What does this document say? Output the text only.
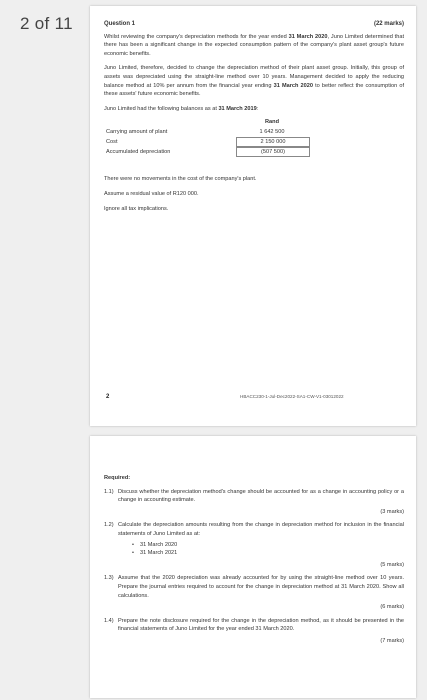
2 of 11	Question 1	(22 marks)

Whilst reviewing the company's depreciation methods for the year ended 31 March 2020, Juno Limited determined that there has been a significant change in the expected consumption pattern of the company's plant asset group's future economic benefits.

Juno Limited, therefore, decided to change the depreciation method of their plant asset group. Initially, this group of assets was depreciated using the straight-line method over 10 years. Management decided to apply the reducing balance method at 10% per annum from the financial year ending 31 March 2020 to better reflect the consumption of these assets' future economic benefits.

Juno Limited had the following balances as at 31 March 2019:

Rand
Carrying amount of plant	1 642 500
Cost	2 150 000
Accumulated depreciation	(507 500)

There were no movements in the cost of the company's plant.

Assume a residual value of R120 000.

Ignore all tax implications.

2	HBACC230-1-Jul-Dec2022-SA1-CW-V1-03012022
Required:
1.1) Discuss whether the depreciation method's change should be accounted for as a change in accounting policy or a change in accounting estimate.
(3 marks)
1.2) Calculate the depreciation amounts resulting from the change in depreciation method for inclusion in the financial statements of Juno Limited as at:
• 31 March 2020
• 31 March 2021
(5 marks)
1.3) Assume that the 2020 depreciation was already accounted for by using the straight-line method over 10 years. Prepare the journal entries required to account for the change in depreciation method at 31 March 2020. Show all calculations.
(6 marks)
1.4) Prepare the note disclosure required for the change in the depreciation method, as it should be presented in the financial statements of Juno Limited for the year ended 31 March 2020.
(7 marks)
